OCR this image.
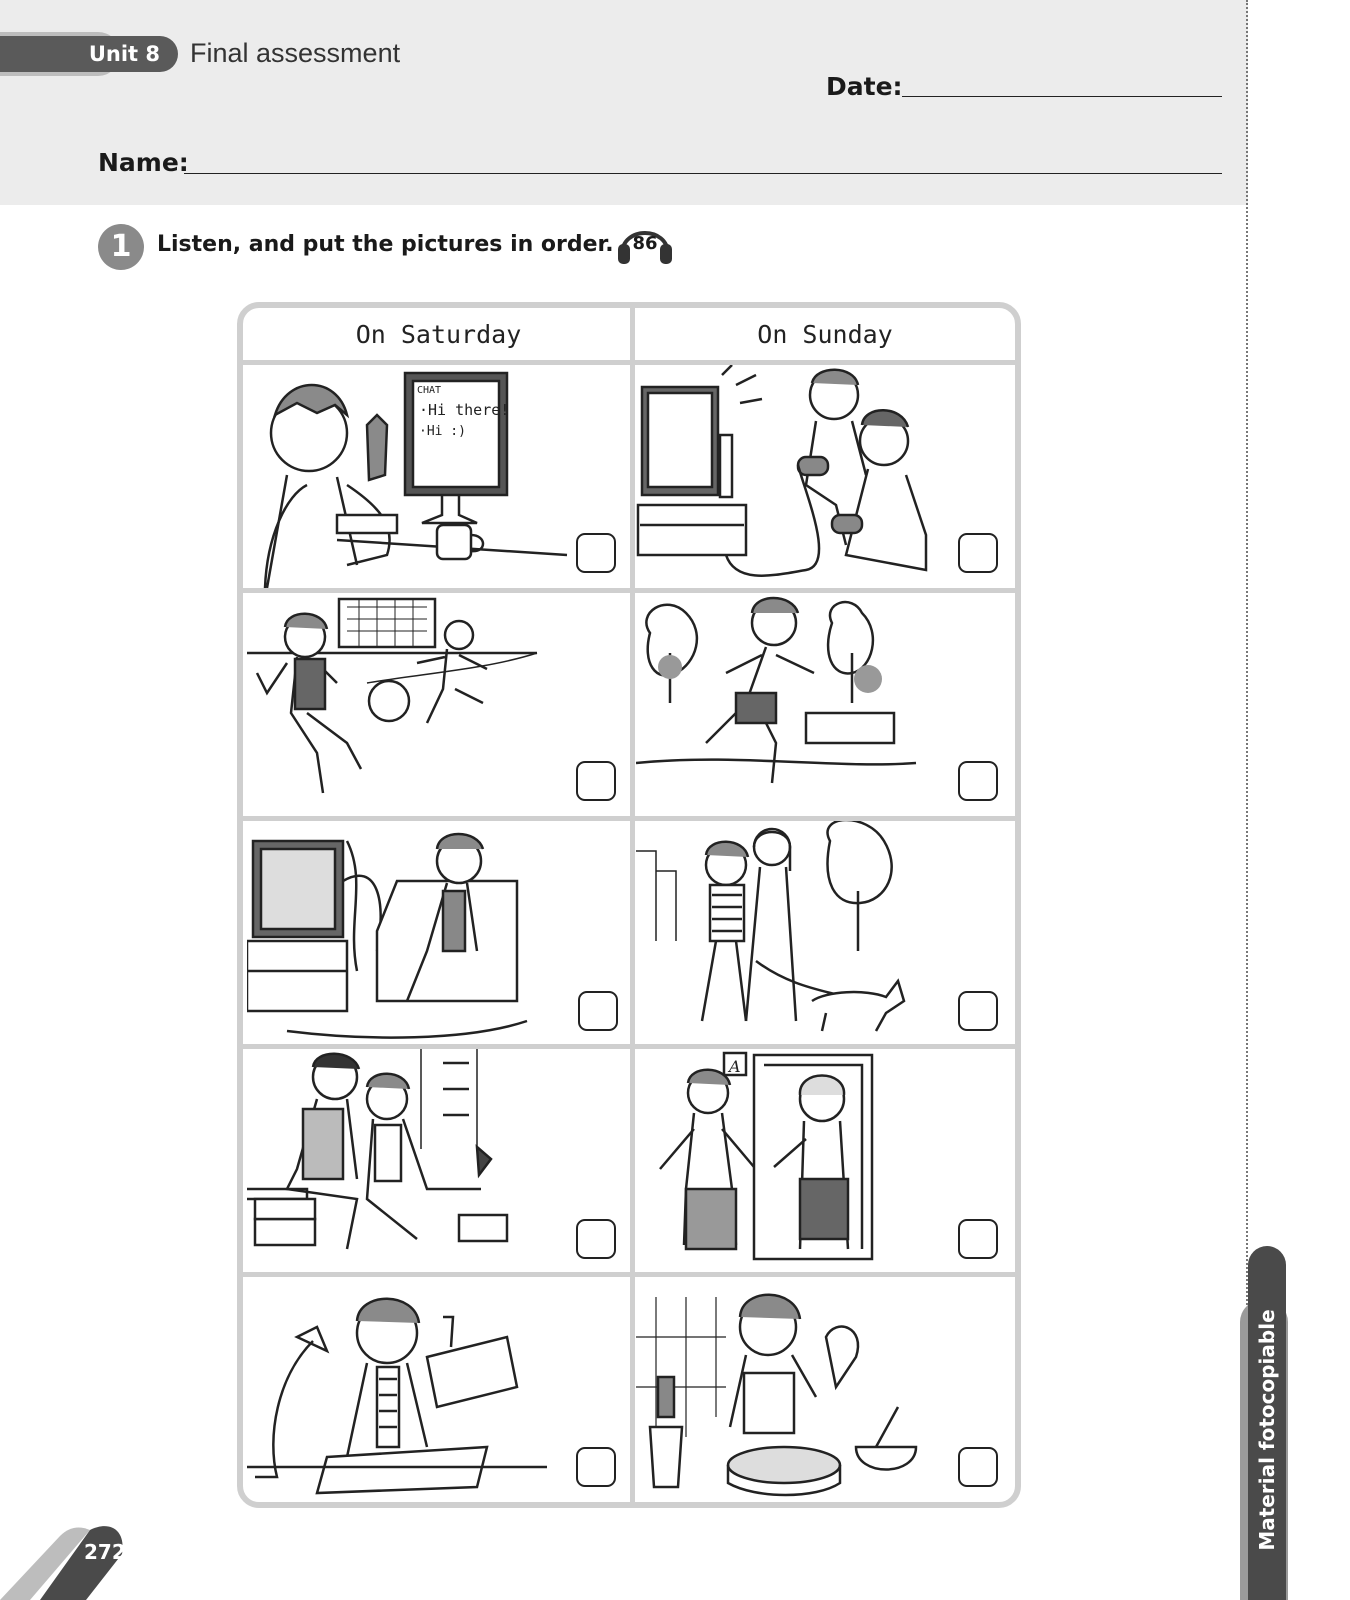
Unit 8	Final assessment
Date:
Name:
1	Listen, and put the pictures in order. 86
On Saturday	On Sunday
CHAT
·Hi there!
·Hi :)
A
Material fotocopiable
272
